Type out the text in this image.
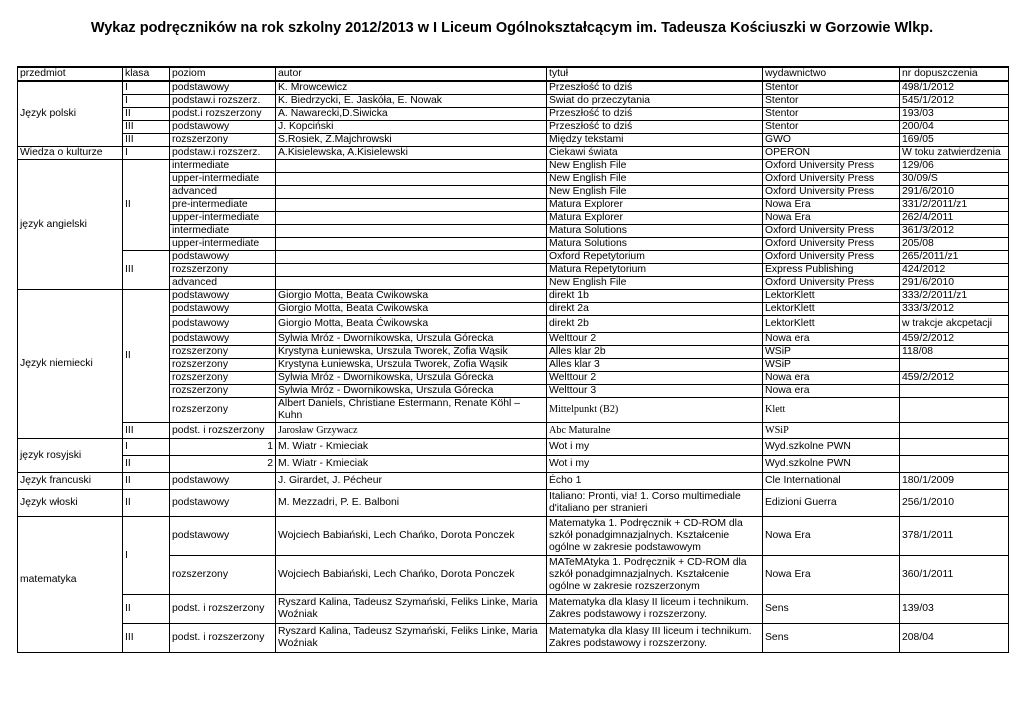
Wykaz podręczników na rok szkolny 2012/2013 w I Liceum Ogólnokształcącym im. Tadeusza Kościuszki w Gorzowie Wlkp.
przedmiot	klasa	poziom	autor	tytuł	wydawnictwo	nr dopuszczenia
Język polski	I	podstawowy	K. Mrowcewicz	Przeszłość to dziś	Stentor	498/1/2012
	I	podstaw.i rozszerz.	K. Biedrzycki, E. Jaskóła, E. Nowak	Świat do przeczytania	Stentor	545/1/2012
	II	podst.i rozszerzony	A. Nawarecki,D.Siwicka	Przeszłość to dziś	Stentor	193/03
	III	podstawowy	J. Kopciński	Przeszłość to dziś	Stentor	200/04
	III	rozszerzony	S.Rosiek, Z.Majchrowski	Między tekstami	GWO	169/05
Wiedza o kulturze	I	podstaw.i rozszerz.	A.Kisielewska, A.Kisielewski	Ciekawi świata	OPERON	W toku zatwierdzenia
język angielski	II	intermediate		New English File	Oxford University Press	129/06
		upper-intermediate		New English File	Oxford University Press	30/09/S
		advanced		New English File	Oxford University Press	291/6/2010
		pre-intermediate		Matura Explorer	Nowa Era	331/2/2011/z1
		upper-intermediate		Matura Explorer	Nowa Era	262/4/2011
		intermediate		Matura Solutions	Oxford University Press	361/3/2012
		upper-intermediate		Matura Solutions	Oxford University Press	205/08
	III	podstawowy		Oxford Repetytorium	Oxford University Press	265/2011/z1
		rozszerzony		Matura Repetytorium	Express Publishing	424/2012
		advanced		New English File	Oxford University Press	291/6/2010
Język niemiecki	II	podstawowy	Giorgio Motta, Beata Ćwikowska	direkt 1b	LektorKlett	333/2/2011/z1
		podstawowy	Giorgio Motta, Beata Ćwikowska	direkt 2a	LektorKlett	333/3/2012
		podstawowy	Giorgio Motta, Beata Ćwikowska	direkt 2b	LektorKlett	w trakcje akcpetacji
		podstawowy	Sylwia Mróz - Dwornikowska, Urszula Górecka	Welttour 2	Nowa era	459/2/2012
		rozszerzony	Krystyna Łuniewska, Urszula Tworek, Zofia Wąsik	Alles klar 2b	WSiP	118/08
		rozszerzony	Krystyna Łuniewska, Urszula Tworek, Zofia Wąsik	Alles klar 3	WSiP	
		rozszerzony	Sylwia Mróz - Dwornikowska, Urszula Górecka	Welttour 2	Nowa era	459/2/2012
		rozszerzony	Sylwia Mróz - Dwornikowska, Urszula Górecka	Welttour 3	Nowa era	
		rozszerzony	Albert Daniels, Christiane Estermann, Renate Köhl – Kuhn	Mittelpunkt (B2)	Klett	
	III	podst. i rozszerzony	Jarosław Grzywacz	Abc Maturalne	WSiP	
język rosyjski	I	1	M. Wiatr - Kmieciak	Wot i my	Wyd.szkolne PWN	
	II	2	M. Wiatr - Kmieciak	Wot i my	Wyd.szkolne PWN	
Język francuski	II	podstawowy	J. Girardet, J. Pécheur	Écho 1	Cle International	180/1/2009
Język włoski	II	podstawowy	M. Mezzadri, P. E. Balboni	Italiano: Pronti, via! 1. Corso multimediale d'italiano per stranieri	Edizioni Guerra	256/1/2010
matematyka	I	podstawowy	Wojciech Babiański, Lech Chańko, Dorota Ponczek	Matematyka 1. Podręcznik + CD-ROM dla szkół ponadgimnazjalnych. Kształcenie ogólne w zakresie podstawowym	Nowa Era	378/1/2011
		rozszerzony	Wojciech Babiański, Lech Chańko, Dorota Ponczek	MATeMAtyka 1. Podręcznik + CD-ROM dla szkół ponadgimnazjalnych. Kształcenie ogólne w zakresie rozszerzonym	Nowa Era	360/1/2011
	II	podst. i rozszerzony	Ryszard Kalina, Tadeusz Szymański, Feliks Linke, Maria Woźniak	Matematyka dla klasy II liceum i technikum. Zakres podstawowy i rozszerzony.	Sens	139/03
	III	podst. i rozszerzony	Ryszard Kalina, Tadeusz Szymański, Feliks Linke, Maria Woźniak	Matematyka dla klasy III liceum i technikum. Zakres podstawowy i rozszerzony.	Sens	208/04
